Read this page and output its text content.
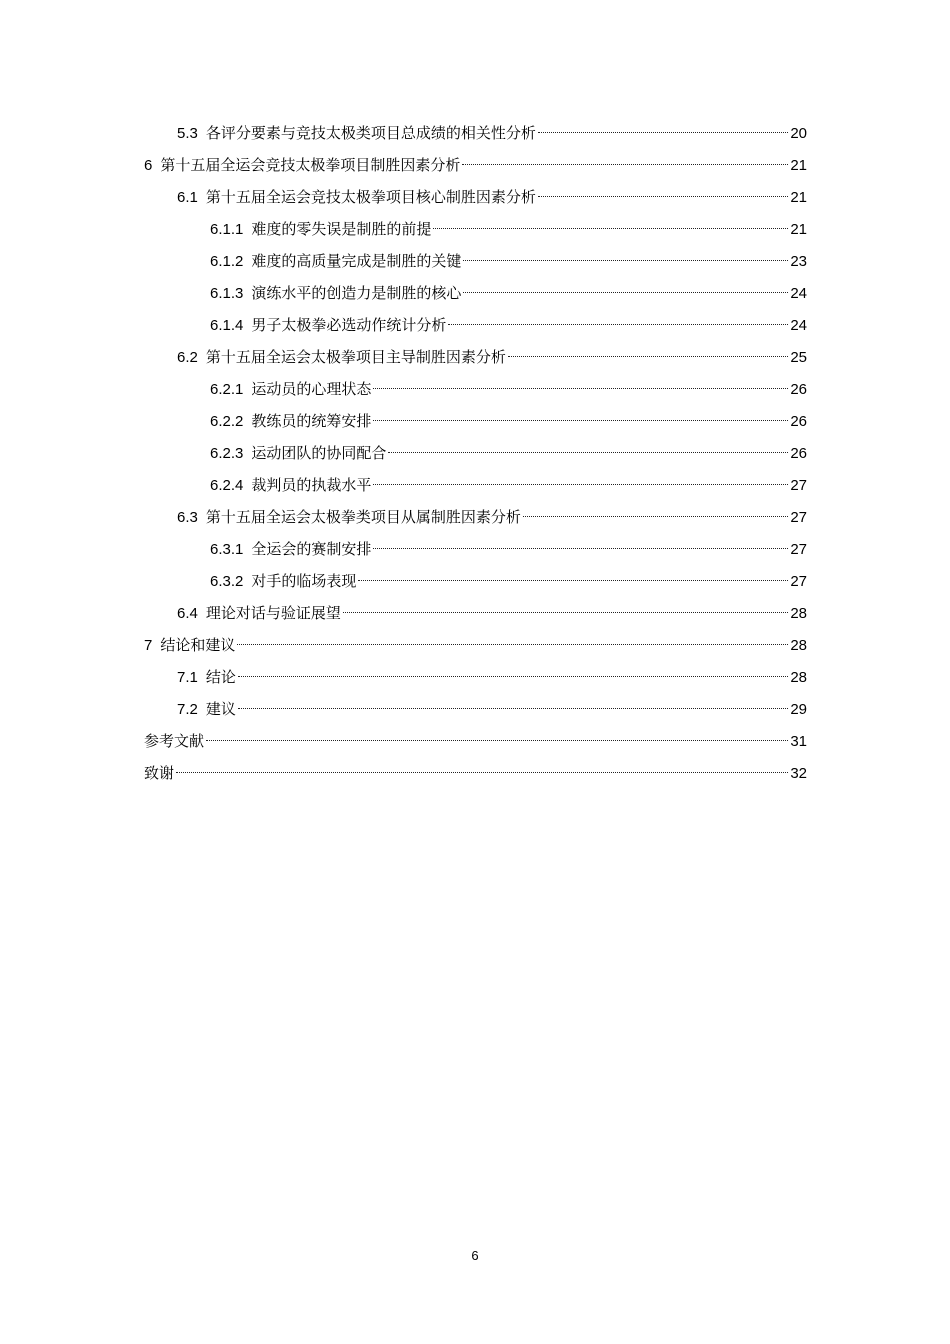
5.3 各评分要素与竞技太极类项目总成绩的相关性分析	20
6 第十五届全运会竞技太极拳项目制胜因素分析	21
6.1 第十五届全运会竞技太极拳项目核心制胜因素分析	21
6.1.1 难度的零失误是制胜的前提	21
6.1.2 难度的高质量完成是制胜的关键	23
6.1.3 演练水平的创造力是制胜的核心	24
6.1.4 男子太极拳必选动作统计分析	24
6.2 第十五届全运会太极拳项目主导制胜因素分析	25
6.2.1 运动员的心理状态	26
6.2.2 教练员的统筹安排	26
6.2.3 运动团队的协同配合	26
6.2.4 裁判员的执裁水平	27
6.3 第十五届全运会太极拳类项目从属制胜因素分析	27
6.3.1 全运会的赛制安排	27
6.3.2 对手的临场表现	27
6.4 理论对话与验证展望	28
7 结论和建议	28
7.1 结论	28
7.2 建议	29
参考文献	31
致谢	32
6
